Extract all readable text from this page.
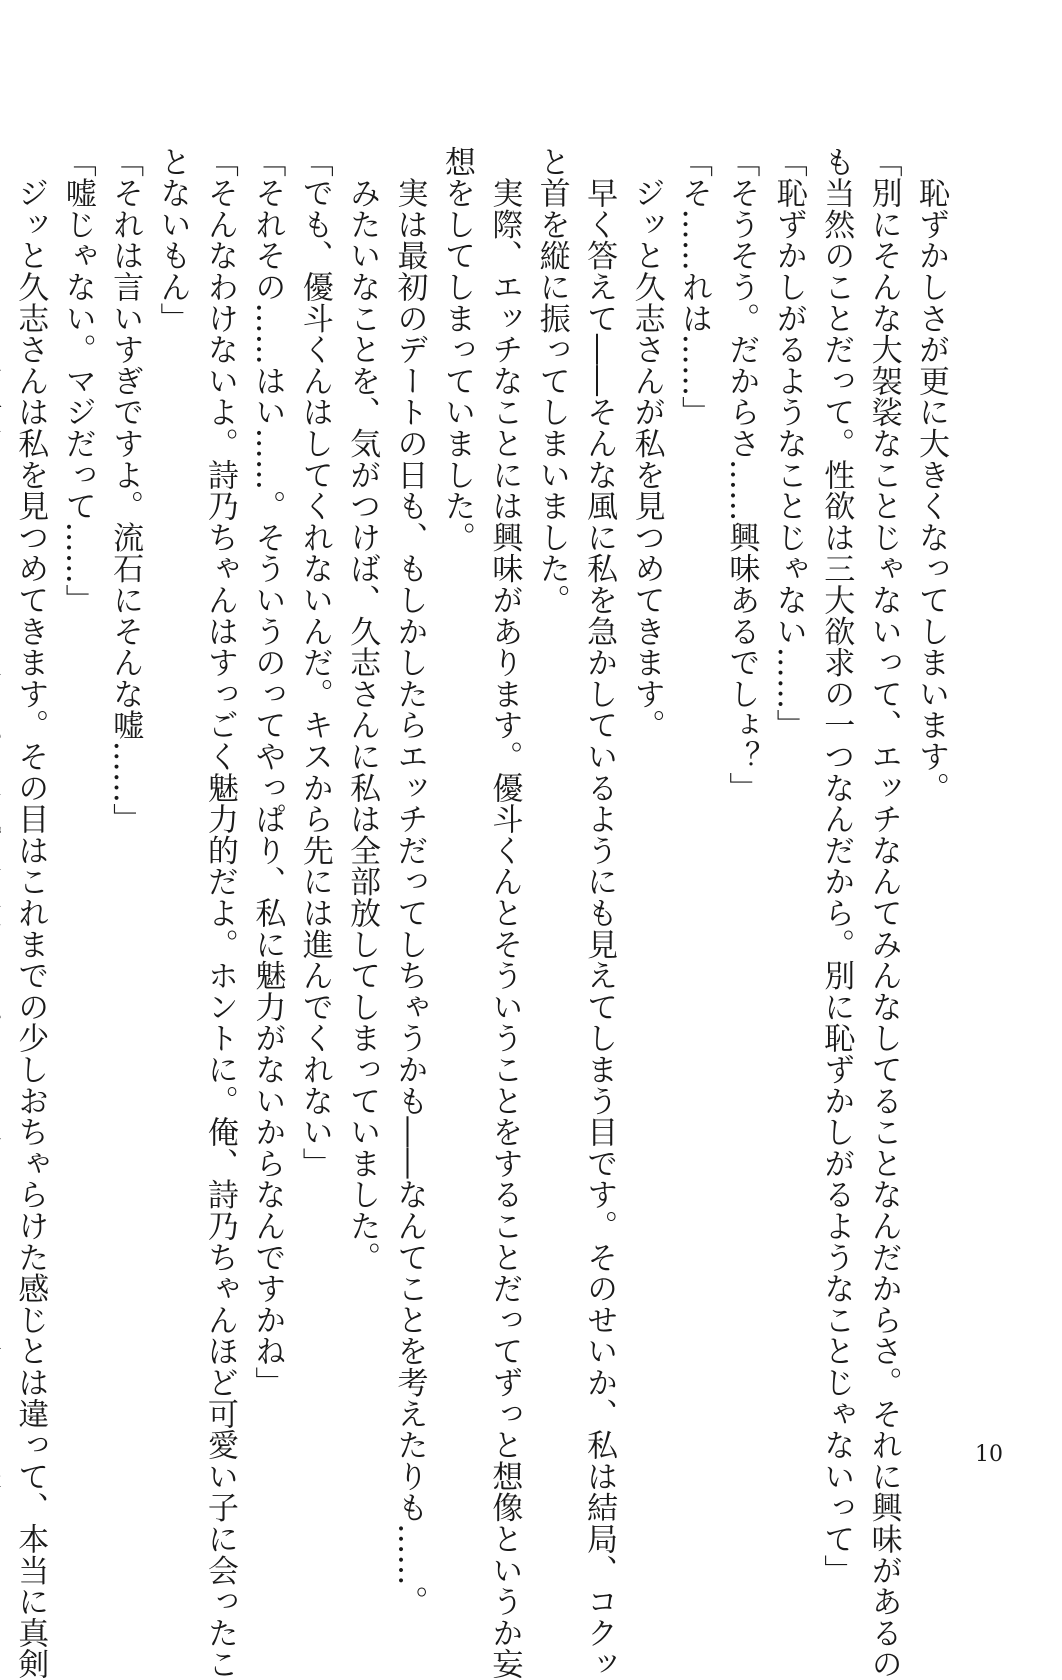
　恥ずかしさが更に大きくなってしまいます。
「別にそんな大袈裟なことじゃないって、エッチなんてみんなしてることなんだからさ。それに興味があるの
も当然のことだって。性欲は三大欲求の一つなんだから。別に恥ずかしがるようなことじゃないって」
「恥ずかしがるようなことじゃない……」
「そうそう。だからさ……興味あるでしょ？」
「そ……れは……」
　ジッと久志さんが私を見つめてきます。
　早く答えて――そんな風に私を急かしているようにも見えてしまう目です。そのせいか、私は結局、コクッ
と首を縦に振ってしまいました。
　実際、エッチなことには興味があります。優斗くんとそういうことをすることだってずっと想像というか妄
想をしてしまっていました。
　実は最初のデートの日も、もしかしたらエッチだってしちゃうかも――なんてことを考えたりも……。
　みたいなことを、気がつけば、久志さんに私は全部放してしまっていました。
「でも、優斗くんはしてくれないんだ。キスから先には進んでくれない」
「それその……はい……。そういうのってやっぱり、私に魅力がないからなんですかね」
「そんなわけないよ。詩乃ちゃんはすっごく魅力的だよ。ホントに。俺、詩乃ちゃんほど可愛い子に会ったこ
とないもん」
「それは言いすぎですよ。流石にそんな嘘……」
「嘘じゃない。マジだって……」
　ジッと久志さんは私を見つめてきます。その目はこれまでの少しおちゃらけた感じとは違って、本当に真剣	10
